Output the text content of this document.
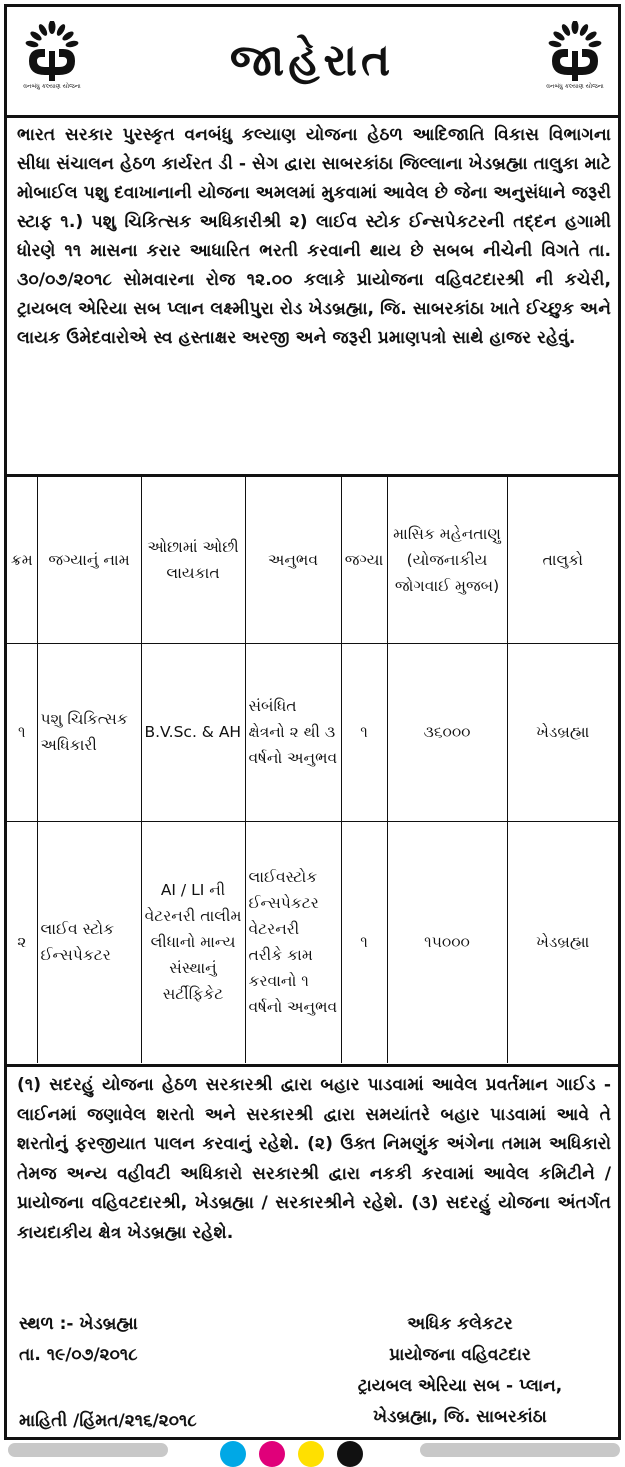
વનબંધુ કલ્યાણ યોજના
જાહેરાત
વનબંધુ કલ્યાણ યોજના
ભારત સરકાર પુરસ્કૃત વનબંધુ કલ્યાણ યોજના હેઠળ આદિજાતિ વિકાસ વિભાગના સીધા સંચાલન હેઠળ કાર્યરત ડી - સેગ દ્વારા સાબરકાંઠા જિલ્લાના ખેડબ્રહ્મા તાલુકા માટે મોબાઈલ પશુ દવાખાનાની યોજના અમલમાં મુકવામાં આવેલ છે જેના અનુસંધાને જરૂરી સ્ટાફ ૧.) પશુ ચિકિત્સક અધિકારીશ્રી ૨) લાઈવ સ્ટોક ઈન્સપેકટરની તદ્દન હગામી ધોરણે ૧૧ માસના કરાર આધારિત ભરતી કરવાની થાય છે સબબ નીચેની વિગતે તા. ૩૦/૦૭/૨૦૧૮ સોમવારના રોજ ૧૨.૦૦ કલાકે પ્રાયોજના વહિવટદારશ્રી ની કચેરી, ટ્રાયબલ એરિયા સબ પ્લાન લક્ષ્મીપુરા રોડ ખેડબ્રહ્મા, જિ. સાબરકાંઠા ખાતે ઈચ્છુક અને લાયક ઉમેદવારોએ સ્વ હસ્તાક્ષર અરજી અને જરૂરી પ્રમાણપત્રો સાથે હાજર રહેવું.
ક્રમ	જગ્યાનું નામ	ઓછામાં ઓછી લાયકાત	અનુભવ	જગ્યા	માસિક મહેનતાણુ (યોજનાકીય જોગવાઈ મુજબ)	તાલુકો
૧	પશુ ચિકિત્સક અધિકારી	B.V.Sc. & AH	સંબંધિત ક્ષેત્રનો ૨ થી ૩ વર્ષનો અનુભવ	૧	૩૬૦૦૦	ખેડબ્રહ્મા
૨	લાઈવ સ્ટોક ઈન્સપેકટર	AI / LI ની વેટરનરી તાલીમ લીધાનો માન્ય સંસ્થાનું સર્ટીફિકેટ	લાઈવસ્ટોક ઈન્સપેકટર વેટરનરી તરીકે કામ કરવાનો ૧ વર્ષનો અનુભવ	૧	૧૫૦૦૦	ખેડબ્રહ્મા
(૧) સદરહું યોજના હેઠળ સરકારશ્રી દ્વારા બહાર પાડવામાં આવેલ પ્રવર્તમાન ગાઈડ - લાઈનમાં જણાવેલ શરતો અને સરકારશ્રી દ્વારા સમયાંતરે બહાર પાડવામાં આવે તે શરતોનું ફરજીયાત પાલન કરવાનું રહેશે. (૨) ઉક્ત નિમણુંક અંગેના તમામ અધિકારો તેમજ અન્ય વહીવટી અધિકારો સરકારશ્રી દ્વારા નકકી કરવામાં આવેલ કમિટીને / પ્રાયોજના વહિવટદારશ્રી, ખેડબ્રહ્મા / સરકારશ્રીને રહેશે. (૩) સદરહું યોજના અંતર્ગત કાયદાકીય ક્ષેત્ર ખેડબ્રહ્મા રહેશે.
સ્થળ :- ખેડબ્રહ્મા
તા. ૧૯/૦૭/૨૦૧૮
અધિક કલેકટર
પ્રાયોજના વહિવટદાર
ટ્રાયબલ એરિયા સબ - પ્લાન,
ખેડબ્રહ્મા, જિ. સાબરકાંઠા
માહિતી /હિંમત/૨૧૬/૨૦૧૮
